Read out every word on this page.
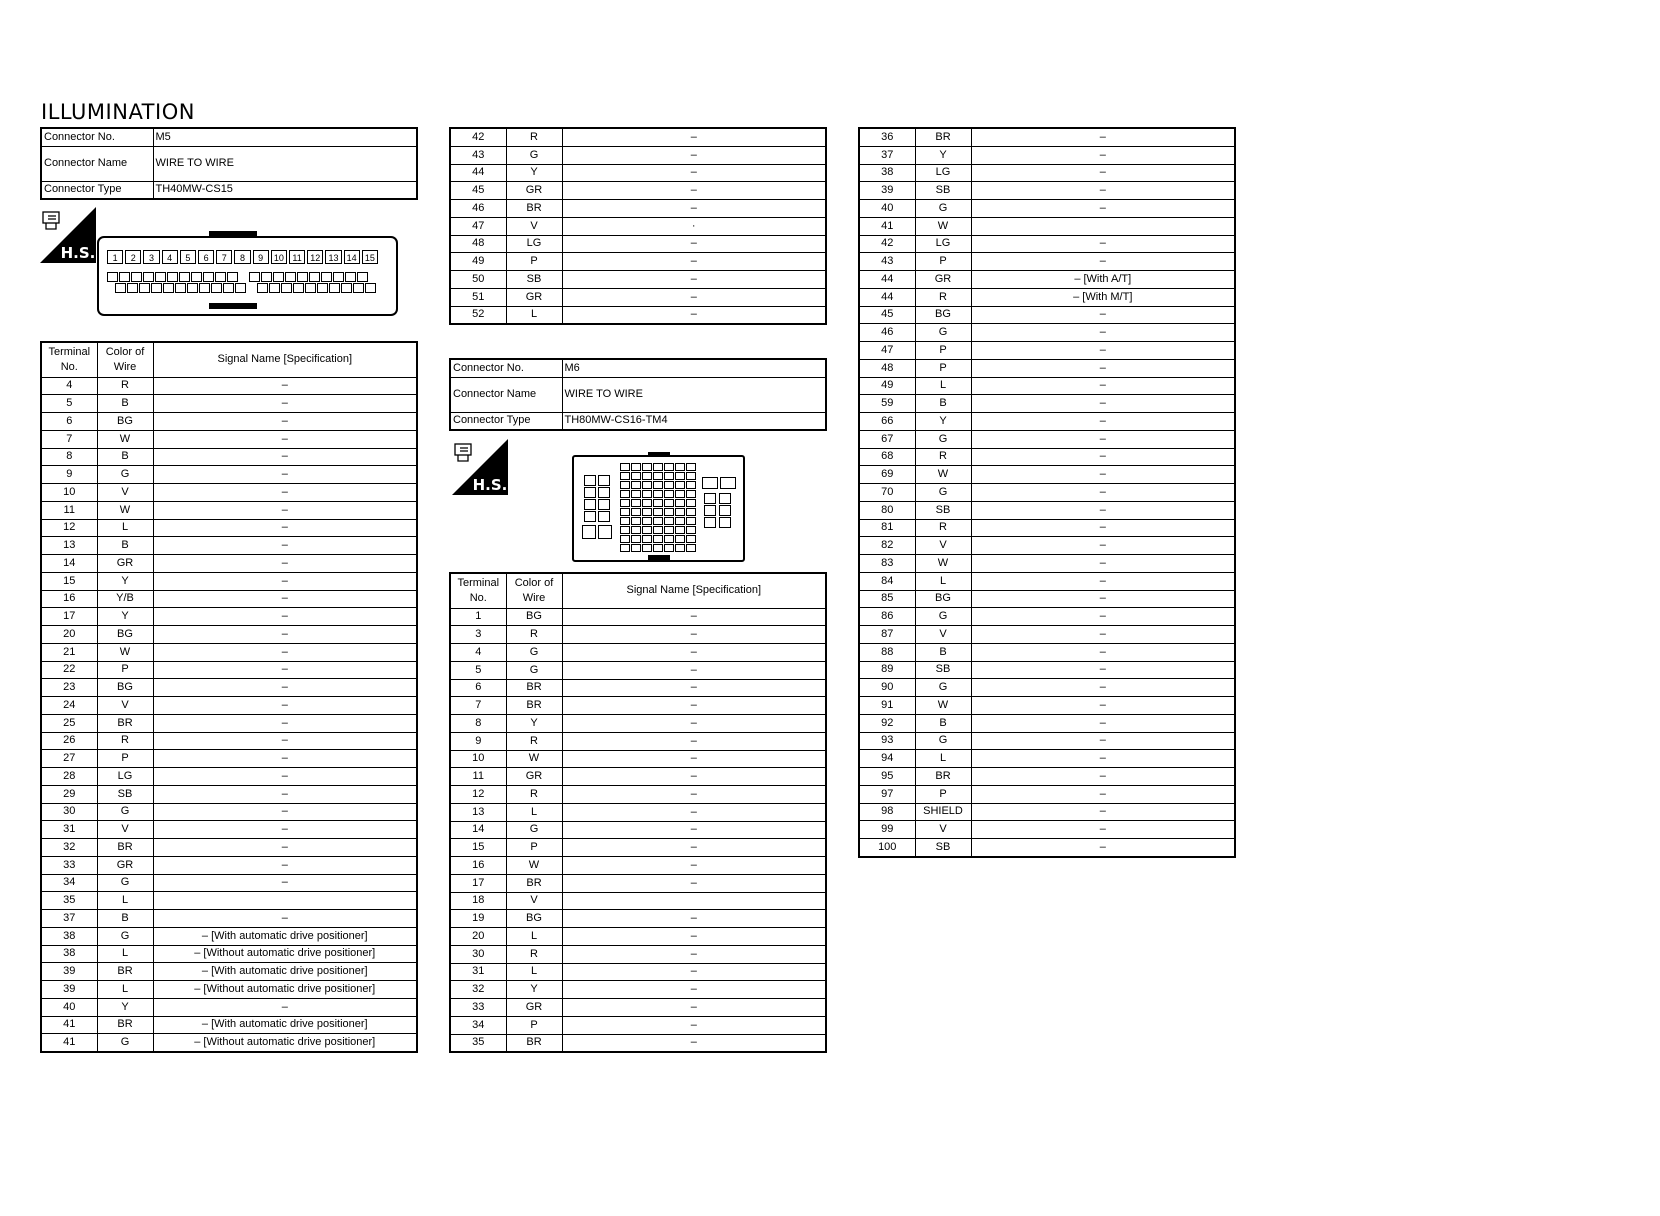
ILLUMINATION
Connector No.	M5
Connector Name	WIRE TO WIRE
Connector Type	TH40MW-CS15
H.S.	1	2	3	4	5	6	7	8	9	10 11 12 13 14 15
Terminal No.	Color of Wire	Signal Name [Specification]
4	R	–
5	B	–
6	BG	–
7	W	–
8	B	–
9	G	–
10	V	–
11	W	–
12	L	–
13	B	–
14	GR	–
15	Y	–
16	Y/B	–
17	Y	–
20	BG	–
21	W	–
22	P	–
23	BG	–
24	V	–
25	BR	–
26	R	–
27	P	–
28	LG	–
29	SB	–
30	G	–
31	V	–
32	BR	–
33	GR	–
34	G	–
35	L	
37	B	–
38	G	– [With automatic drive positioner]
38	L	– [Without automatic drive positioner]
39	BR	– [With automatic drive positioner]
39	L	– [Without automatic drive positioner]
40	Y	–
41	BR	– [With automatic drive positioner]
41	G	– [Without automatic drive positioner]
42	R	–
43	G	–
44	Y	–
45	GR	–
46	BR	–
47	V	·
48	LG	–
49	P	–
50	SB	–
51	GR	–
52	L	–
Connector No.	M6
Connector Name	WIRE TO WIRE
Connector Type	TH80MW-CS16-TM4
H.S.
Terminal No.	Color of Wire	Signal Name [Specification]
1	BG	–
3	R	–
4	G	–
5	G	–
6	BR	–
7	BR	–
8	Y	–
9	R	–
10	W	–
11	GR	–
12	R	–
13	L	–
14	G	–
15	P	–
16	W	–
17	BR	–
18	V	
19	BG	–
20	L	–
30	R	–
31	L	–
32	Y	–
33	GR	–
34	P	–
35	BR	–
36	BR	–
37	Y	–
38	LG	–
39	SB	–
40	G	–
41	W	
42	LG	–
43	P	–
44	GR	– [With A/T]
44	R	– [With M/T]
45	BG	–
46	G	–
47	P	–
48	P	–
49	L	–
59	B	–
66	Y	–
67	G	–
68	R	–
69	W	–
70	G	–
80	SB	–
81	R	–
82	V	–
83	W	–
84	L	–
85	BG	–
86	G	–
87	V	–
88	B	–
89	SB	–
90	G	–
91	W	–
92	B	–
93	G	–
94	L	–
95	BR	–
97	P	–
98	SHIELD	–
99	V	–
100	SB	–
